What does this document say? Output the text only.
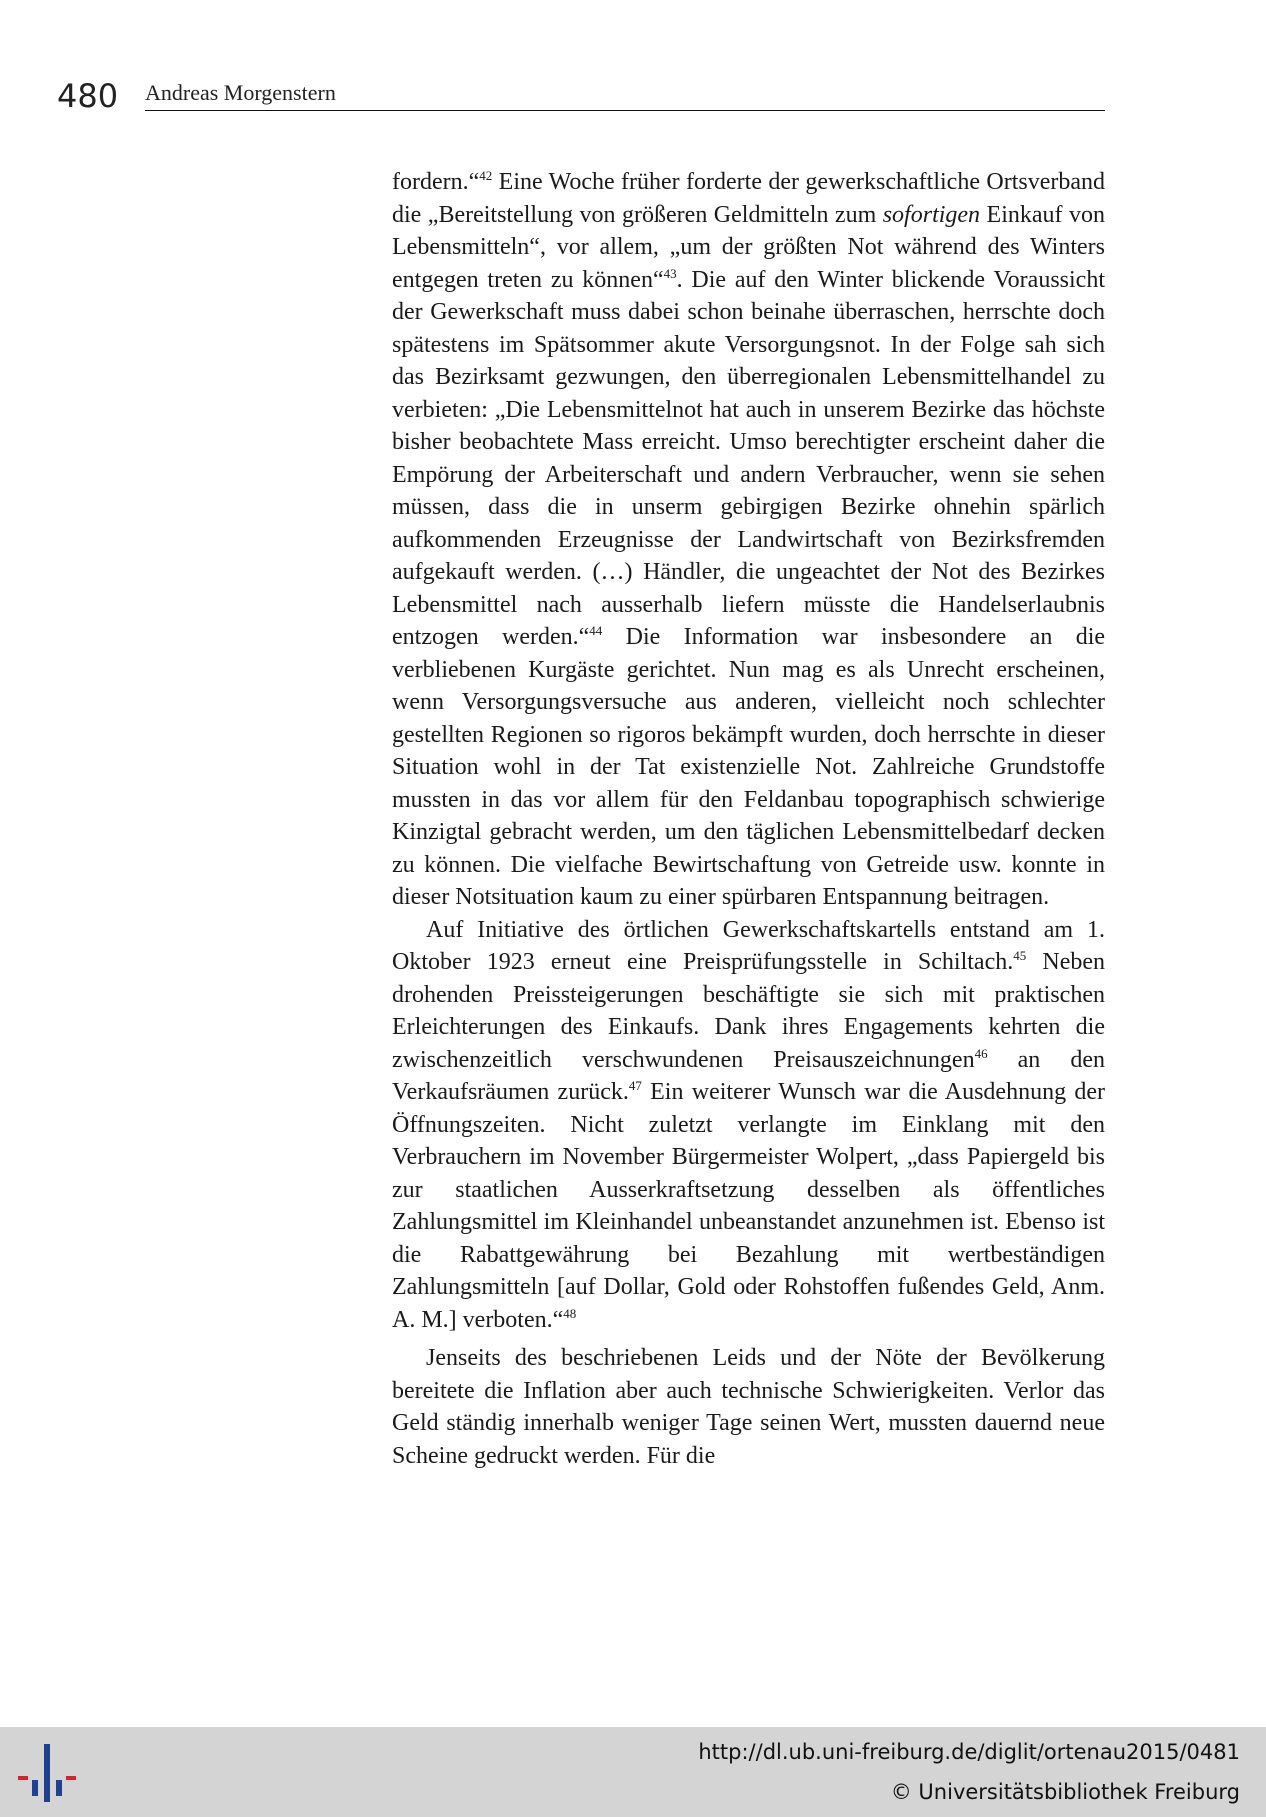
480 Andreas Morgenstern

fordern.“$^{42}$ Eine Woche früher forderte der gewerkschaftliche Ortsverband die „Bereitstellung von größeren Geldmitteln zum sofortigen Einkauf von Lebensmitteln“, vor allem, „um der größten Not während des Winters entgegen treten zu können“$^{43}$. Die auf den Winter blickende Voraussicht der Gewerkschaft muss dabei schon beinahe überraschen, herrschte doch spätestens im Spätsommer akute Versorgungsnot. In der Folge sah sich das Bezirksamt gezwungen, den überregionalen Lebensmittelhandel zu verbieten: „Die Lebensmittelnot hat auch in unserem Bezirke das höchste bisher beobachtete Mass erreicht. Umso berechtigter erscheint daher die Empörung der Arbeiterschaft und andern Verbraucher, wenn sie sehen müssen, dass die in unserm gebirgigen Bezirke ohnehin spärlich aufkommenden Erzeugnisse der Landwirtschaft von Bezirksfremden aufgekauft werden. (…) Händler, die ungeachtet der Not des Bezirkes Lebensmittel nach ausserhalb liefern müsste die Handelserlaubnis entzogen werden.“$^{44}$ Die Information war insbesondere an die verbliebenen Kurgäste gerichtet. Nun mag es als Unrecht erscheinen, wenn Versorgungsversuche aus anderen, vielleicht noch schlechter gestellten Regionen so rigoros bekämpft wurden, doch herrschte in dieser Situation wohl in der Tat existenzielle Not. Zahlreiche Grundstoffe mussten in das vor allem für den Feldanbau topographisch schwierige Kinzigtal gebracht werden, um den täglichen Lebensmittelbedarf decken zu können. Die vielfache Bewirtschaftung von Getreide usw. konnte in dieser Notsituation kaum zu einer spürbaren Entspannung beitragen.

Auf Initiative des örtlichen Gewerkschaftskartells entstand am 1. Oktober 1923 erneut eine Preisprüfungsstelle in Schiltach.$^{45}$ Neben drohenden Preissteigerungen beschäftigte sie sich mit praktischen Erleichterungen des Einkaufs. Dank ihres Engagements kehrten die zwischenzeitlich verschwundenen Preisauszeichnungen$^{46}$ an den Verkaufsräumen zurück.$^{47}$ Ein weiterer Wunsch war die Ausdehnung der Öffnungszeiten. Nicht zuletzt verlangte im Einklang mit den Verbrauchern im November Bürgermeister Wolpert, „dass Papiergeld bis zur staatlichen Ausserkraftsetzung desselben als öffentliches Zahlungsmittel im Kleinhandel unbeanstandet anzunehmen ist. Ebenso ist die Rabattgewährung bei Bezahlung mit wertbeständigen Zahlungsmitteln [auf Dollar, Gold oder Rohstoffen fußendes Geld, Anm. A. M.] verboten.“$^{48}$

Jenseits des beschriebenen Leids und der Nöte der Bevölkerung bereitete die Inflation aber auch technische Schwierigkeiten. Verlor das Geld ständig innerhalb weniger Tage seinen Wert, mussten dauernd neue Scheine gedruckt werden. Für die

http://dl.ub.uni-freiburg.de/diglit/ortenau2015/0481
© Universitätsbibliothek Freiburg
